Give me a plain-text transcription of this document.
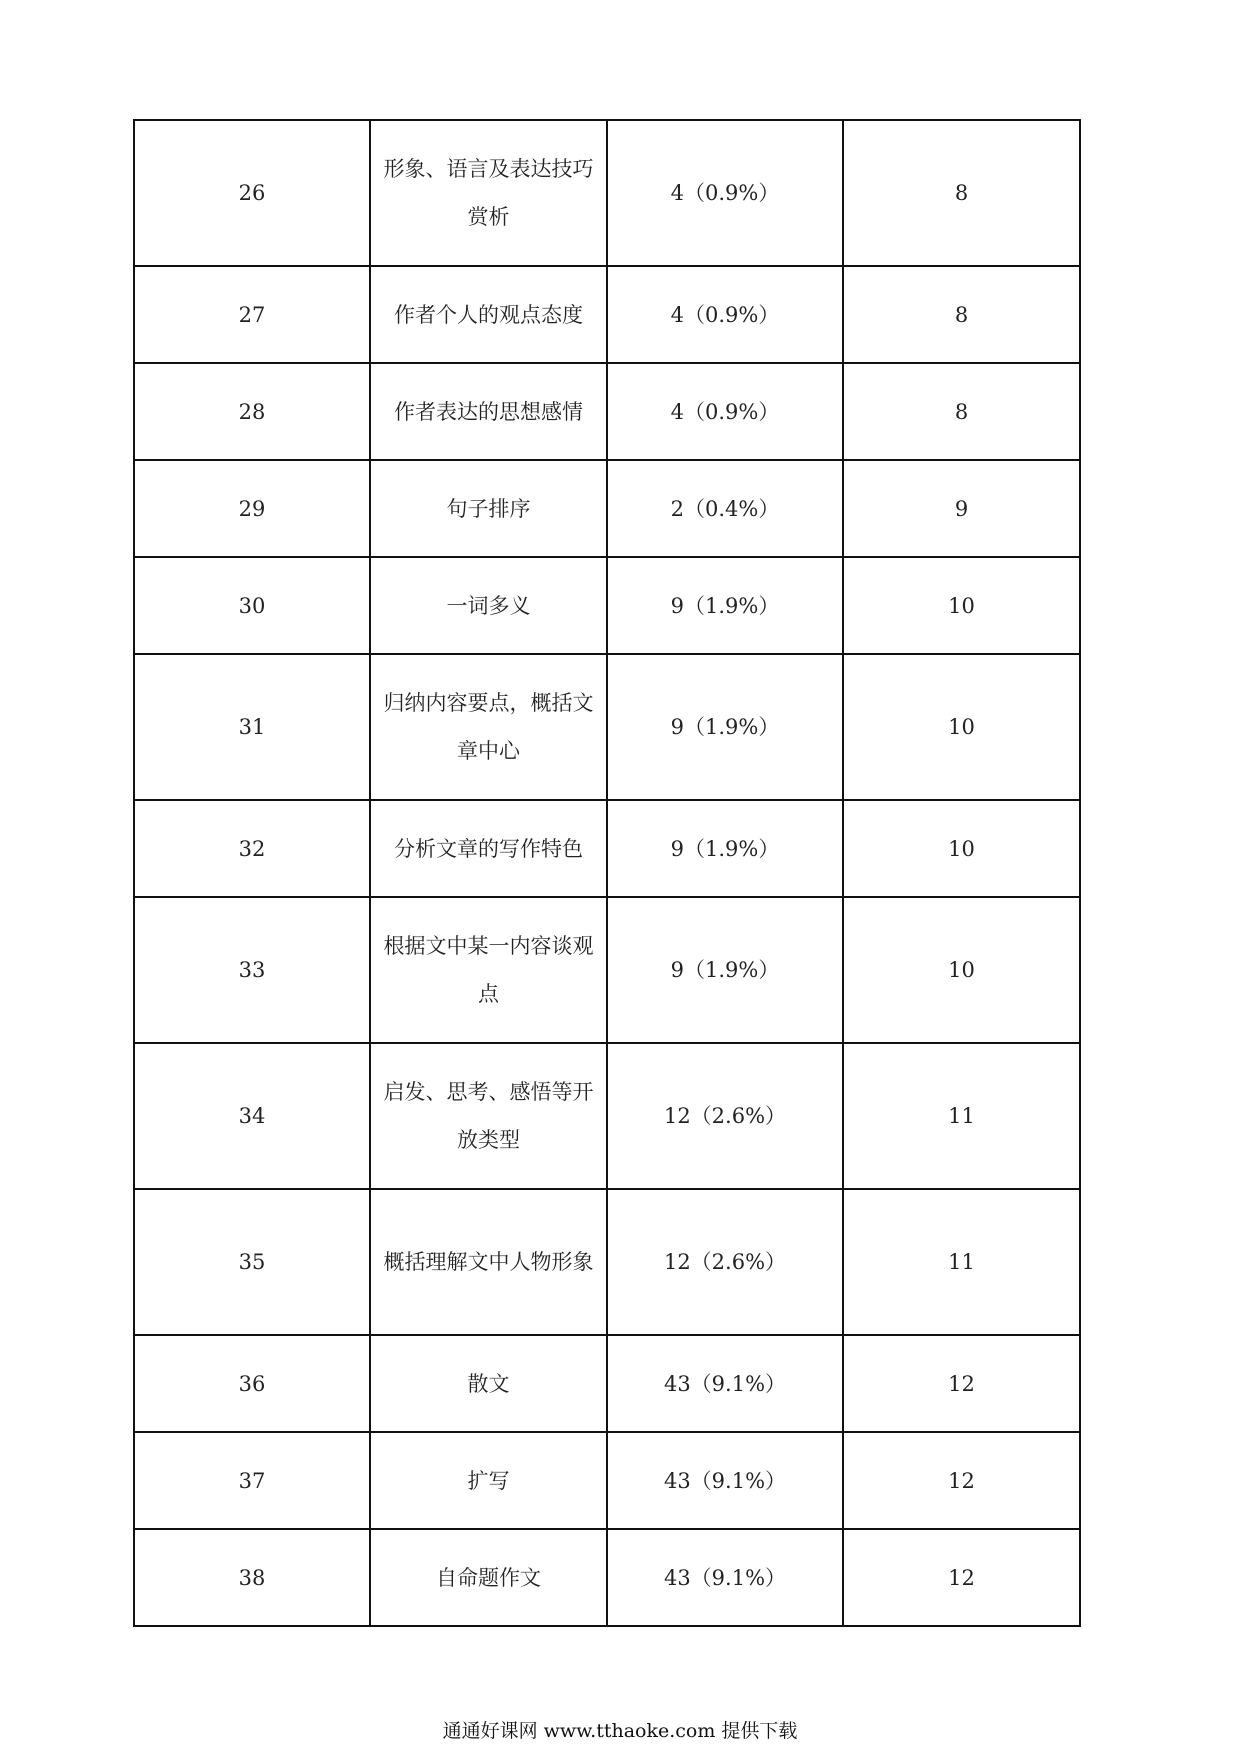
26	形象、语言及表达技巧赏析	4（0.9%）	8
27	作者个人的观点态度	4（0.9%）	8
28	作者表达的思想感情	4（0.9%）	8
29	句子排序	2（0.4%）	9
30	一词多义	9（1.9%）	10
31	归纳内容要点，概括文章中心	9（1.9%）	10
32	分析文章的写作特色	9（1.9%）	10
33	根据文中某一内容谈观点	9（1.9%）	10
34	启发、思考、感悟等开放类型	12（2.6%）	11
35	概括理解文中人物形象	12（2.6%）	11
36	散文	43（9.1%）	12
37	扩写	43（9.1%）	12
38	自命题作文	43（9.1%）	12
通通好课网 www.tthaoke.com 提供下载
